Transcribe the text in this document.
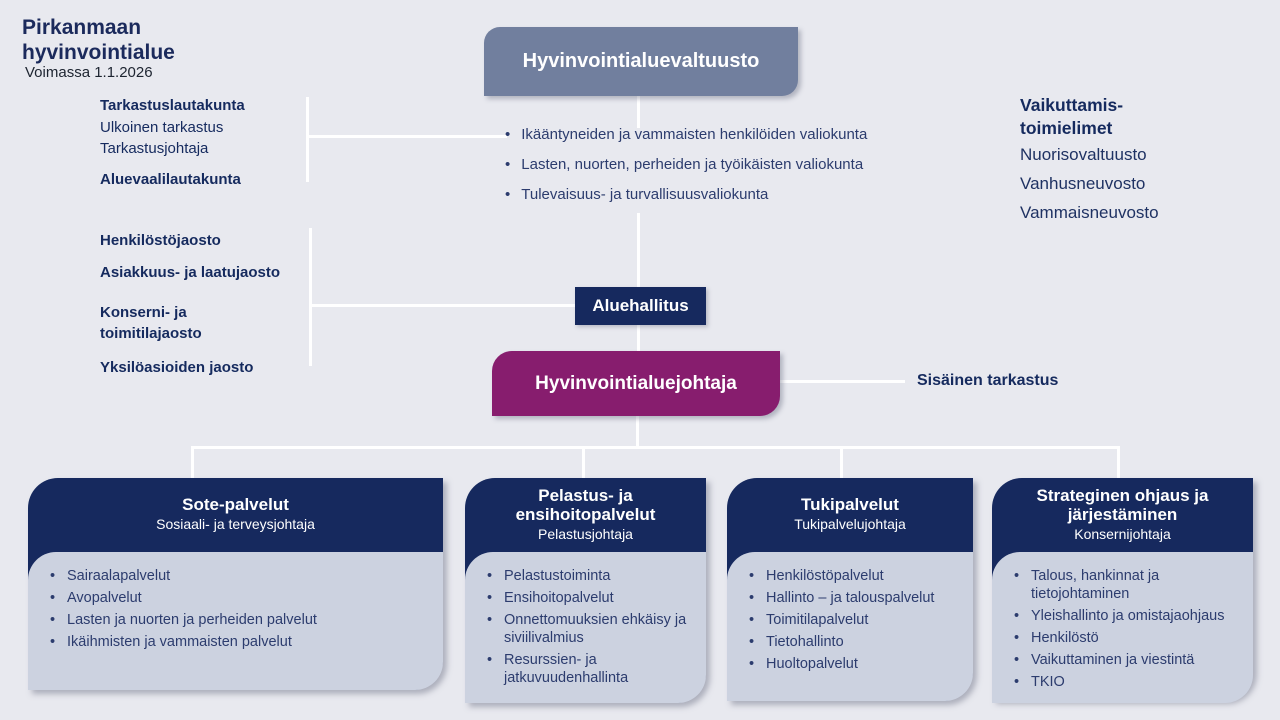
Pirkanmaan
hyvinvointialue
Voimassa 1.1.2026
Hyvinvointialuevaltuusto
Tarkastuslautakunta
Ulkoinen tarkastus
Tarkastusjohtaja
Aluevaalilautakunta
• Ikääntyneiden ja vammaisten henkilöiden valiokunta
• Lasten, nuorten, perheiden ja työikäisten valiokunta
• Tulevaisuus- ja turvallisuusvaliokunta
Vaikuttamis-
toimielimet
Nuorisovaltuusto
Vanhusneuvosto
Vammaisneuvosto
Henkilöstöjaosto
Asiakkuus- ja laatujaosto
Konserni- ja toimitilajaosto
Yksilöasioiden jaosto
Aluehallitus
Hyvinvointialuejohtaja	Sisäinen tarkastus
Sote-palvelut
Sosiaali- ja terveysjohtaja
• Sairaalapalvelut
• Avopalvelut
• Lasten ja nuorten ja perheiden palvelut
• Ikäihmisten ja vammaisten palvelut
Pelastus- ja ensihoitopalvelut
Pelastusjohtaja
• Pelastustoiminta
• Ensihoitopalvelut
• Onnettomuuksien ehkäisy ja siviilivalmius
• Resurssien- ja jatkuvuudenhallinta
Tukipalvelut
Tukipalvelujohtaja
• Henkilöstöpalvelut
• Hallinto – ja talouspalvelut
• Toimitilapalvelut
• Tietohallinto
• Huoltopalvelut
Strateginen ohjaus ja järjestäminen
Konsernijohtaja
• Talous, hankinnat ja tietojohtaminen
• Yleishallinto ja omistajaohjaus
• Henkilöstö
• Vaikuttaminen ja viestintä
• TKIO
